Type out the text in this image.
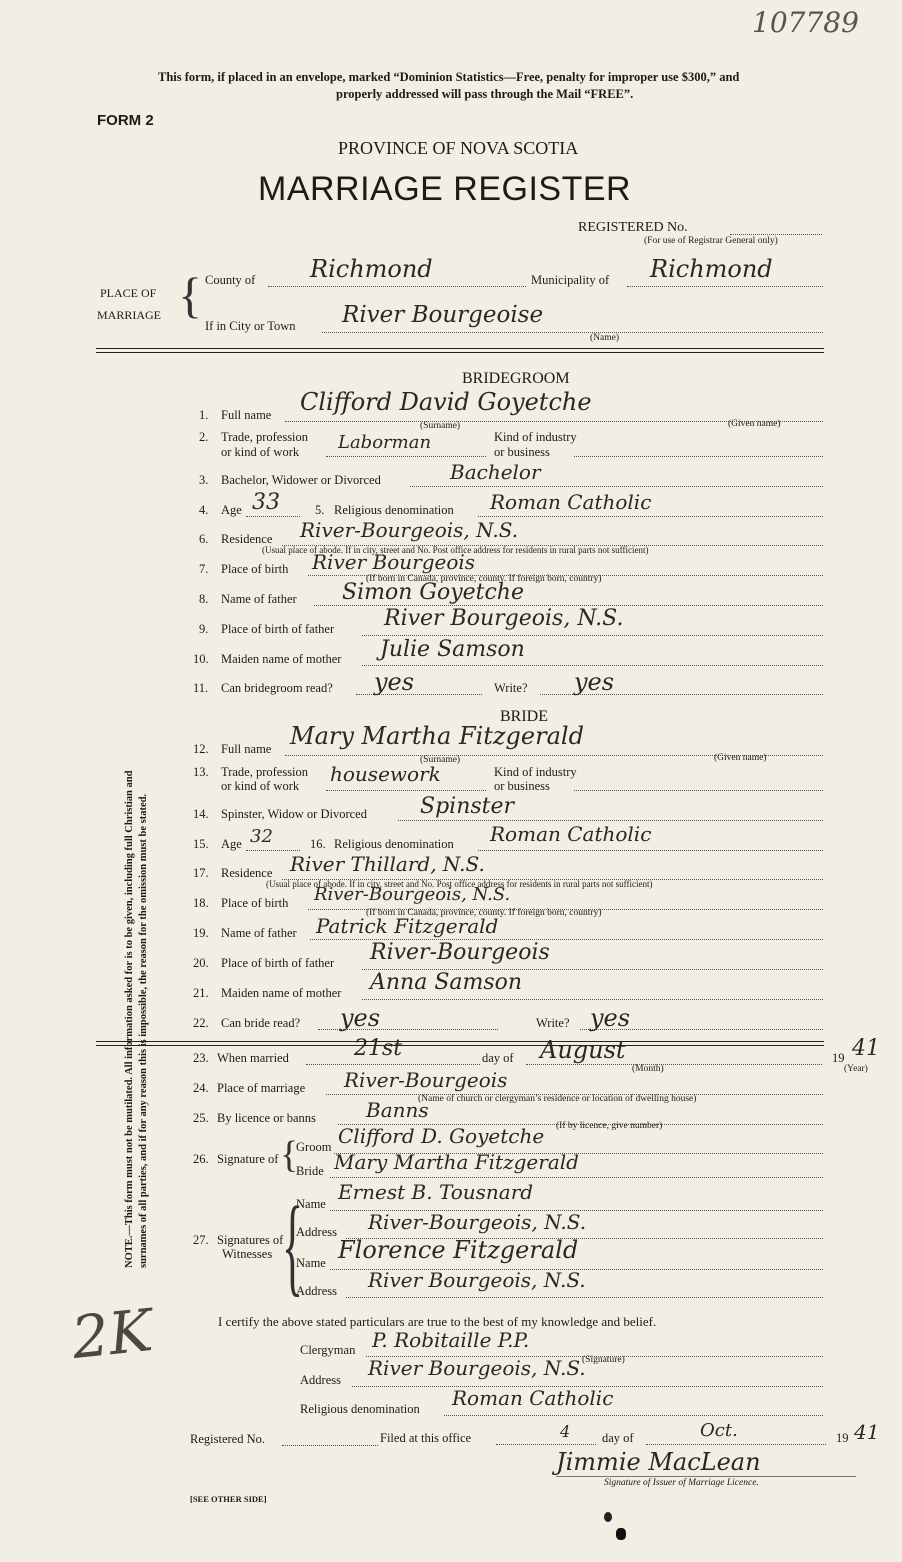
107789
This form, if placed in an envelope, marked “Dominion Statistics—Free, penalty for improper use $300,” and
properly addressed will pass through the Mail “FREE”.
FORM 2
PROVINCE OF NOVA SCOTIA
MARRIAGE REGISTER
REGISTERED No.
(For use of Registrar General only)
PLACE OF
MARRIAGE { County of Richmond	Municipality of Richmond
If in City or Town River Bourgeoise
(Name)
BRIDEGROOM
1. Full name Clifford David Goyetche
(Surname)	(Given name)
2. Trade, profession
or kind of work Laborman	Kind of industry
or business
3. Bachelor, Widower or Divorced	Bachelor
4. Age 33	5. Religious denomination Roman Catholic
6. Residence River-Bourgeois, N.S.
(Usual place of abode. If in city, street and No. Post office address for residents in rural parts not sufficient)
7. Place of birth River Bourgeois
(If born in Canada, province, county. If foreign born, country)
8. Name of father Simon Goyetche
9. Place of birth of father River Bourgeois, N.S.
10. Maiden name of mother Julie Samson
11. Can bridegroom read? yes	Write? yes
BRIDE
12. Full name Mary Martha Fitzgerald
(Surname)	(Given name)
13. Trade, profession
or kind of work housework	Kind of industry
or business
14. Spinster, Widow or Divorced Spinster
15. Age 32	16. Religious denomination Roman Catholic
17. Residence River Thillard, N.S.
(Usual place of abode. If in city, street and No. Post office address for residents in rural parts not sufficient)
18. Place of birth River-Bourgeois, N.S.
(If born in Canada, province, county. If foreign born, country)
19. Name of father Patrick Fitzgerald
20. Place of birth of father River-Bourgeois
21. Maiden name of mother Anna Samson
22. Can bride read? yes	Write? yes
23. When married	21st	day of August
(Month)
19 41
(Year)
24. Place of marriage River-Bourgeois
(Name of church or clergyman’s residence or location of dwelling house)
25. By licence or banns	Banns
(If by licence, give number)
26. Signature of {
Groom Clifford D. Goyetche
Bride Mary Martha Fitzgerald
27. Signatures of
Witnesses {
Name Ernest B. Tousnard
Address River-Bourgeois, N.S.
Name Florence Fitzgerald
Address River Bourgeois, N.S.
I certify the above stated particulars are true to the best of my knowledge and belief.
Clergyman P. Robitaille P.P.
(Signature)
Address River Bourgeois, N.S.
Religious denomination Roman Catholic
Registered No.	Filed at this office	4	day of	Oct.	19 41
Jimmie MacLean
Signature of Issuer of Marriage Licence.
[SEE OTHER SIDE]
NOTE.—This form must not be mutilated. All information asked for is to be given, including full Christian and surnames of all parties, and if for any reason this is impossible, the reason for the omission must be stated.
2K
